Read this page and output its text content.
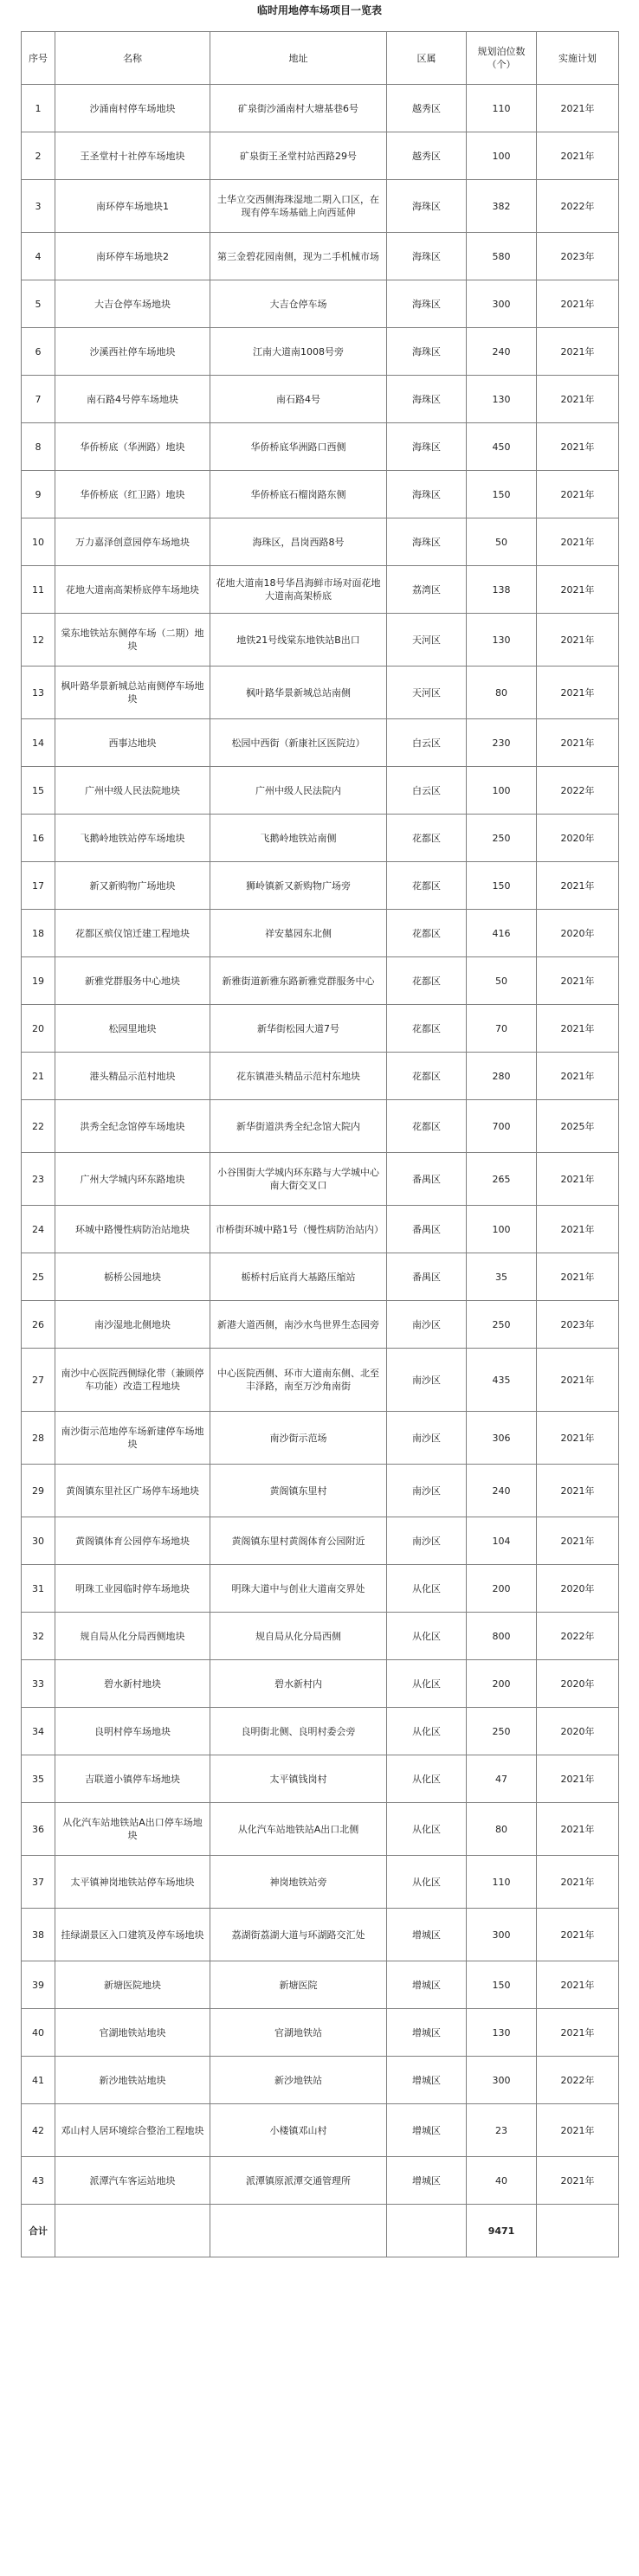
临时用地停车场项目一览表
序号	名称	地址	区属	规划泊位数（个）	实施计划
1	沙涌南村停车场地块	矿泉街沙涌南村大塘基巷6号	越秀区	110	2021年
2	王圣堂村十社停车场地块	矿泉街王圣堂村站西路29号	越秀区	100	2021年
3	南环停车场地块1	土华立交西侧海珠湿地二期入口区，在现有停车场基础上向西延伸	海珠区	382	2022年
4	南环停车场地块2	第三金碧花园南侧，现为二手机械市场	海珠区	580	2023年
5	大吉仓停车场地块	大吉仓停车场	海珠区	300	2021年
6	沙溪西社停车场地块	江南大道南1008号旁	海珠区	240	2021年
7	南石路4号停车场地块	南石路4号	海珠区	130	2021年
8	华侨桥底（华洲路）地块	华侨桥底华洲路口西侧	海珠区	450	2021年
9	华侨桥底（红卫路）地块	华侨桥底石榴岗路东侧	海珠区	150	2021年
10	万力嘉泽创意园停车场地块	海珠区，昌岗西路8号	海珠区	50	2021年
11	花地大道南高架桥底停车场地块	花地大道南18号华昌海鲜市场对面花地大道南高架桥底	荔湾区	138	2021年
12	棠东地铁站东侧停车场（二期）地块	地铁21号线棠东地铁站B出口	天河区	130	2021年
13	枫叶路华景新城总站南侧停车场地块	枫叶路华景新城总站南侧	天河区	80	2021年
14	西事达地块	松园中西街（新康社区医院边）	白云区	230	2021年
15	广州中级人民法院地块	广州中级人民法院内	白云区	100	2022年
16	飞鹅岭地铁站停车场地块	飞鹅岭地铁站南侧	花都区	250	2020年
17	新又新购物广场地块	狮岭镇新又新购物广场旁	花都区	150	2021年
18	花都区殡仪馆迁建工程地块	祥安墓园东北侧	花都区	416	2020年
19	新雅党群服务中心地块	新雅街道新雅东路新雅党群服务中心	花都区	50	2021年
20	松园里地块	新华街松园大道7号	花都区	70	2021年
21	港头精品示范村地块	花东镇港头精品示范村东地块	花都区	280	2021年
22	洪秀全纪念馆停车场地块	新华街道洪秀全纪念馆大院内	花都区	700	2025年
23	广州大学城内环东路地块	小谷围街大学城内环东路与大学城中心南大街交叉口	番禺区	265	2021年
24	环城中路慢性病防治站地块	市桥街环城中路1号（慢性病防治站内）	番禺区	100	2021年
25	栃桥公园地块	栃桥村后底肖大基路压缩站	番禺区	35	2021年
26	南沙湿地北侧地块	新港大道西侧，南沙水鸟世界生态园旁	南沙区	250	2023年
27	南沙中心医院西侧绿化带（兼顾停车功能）改造工程地块	中心医院西侧、环市大道南东侧、北至丰泽路，南至万沙角南街	南沙区	435	2021年
28	南沙街示范地停车场新建停车场地块	南沙街示范场	南沙区	306	2021年
29	黄阁镇东里社区广场停车场地块	黄阁镇东里村	南沙区	240	2021年
30	黄阁镇体育公园停车场地块	黄阁镇东里村黄阁体育公园附近	南沙区	104	2021年
31	明珠工业园临时停车场地块	明珠大道中与创业大道南交界处	从化区	200	2020年
32	规自局从化分局西侧地块	规自局从化分局西侧	从化区	800	2022年
33	碧水新村地块	碧水新村内	从化区	200	2020年
34	良明村停车场地块	良明街北侧、良明村委会旁	从化区	250	2020年
35	吉联道小镇停车场地块	太平镇钱岗村	从化区	47	2021年
36	从化汽车站地铁站A出口停车场地块	从化汽车站地铁站A出口北侧	从化区	80	2021年
37	太平镇神岗地铁站停车场地块	神岗地铁站旁	从化区	110	2021年
38	挂绿湖景区入口建筑及停车场地块	荔湖街荔湖大道与环湖路交汇处	增城区	300	2021年
39	新塘医院地块	新塘医院	增城区	150	2021年
40	官湖地铁站地块	官湖地铁站	增城区	130	2021年
41	新沙地铁站地块	新沙地铁站	增城区	300	2022年
42	邓山村人居环境综合整治工程地块	小楼镇邓山村	增城区	23	2021年
43	派潭汽车客运站地块	派潭镇原派潭交通管理所	增城区	40	2021年
合计				9471	
